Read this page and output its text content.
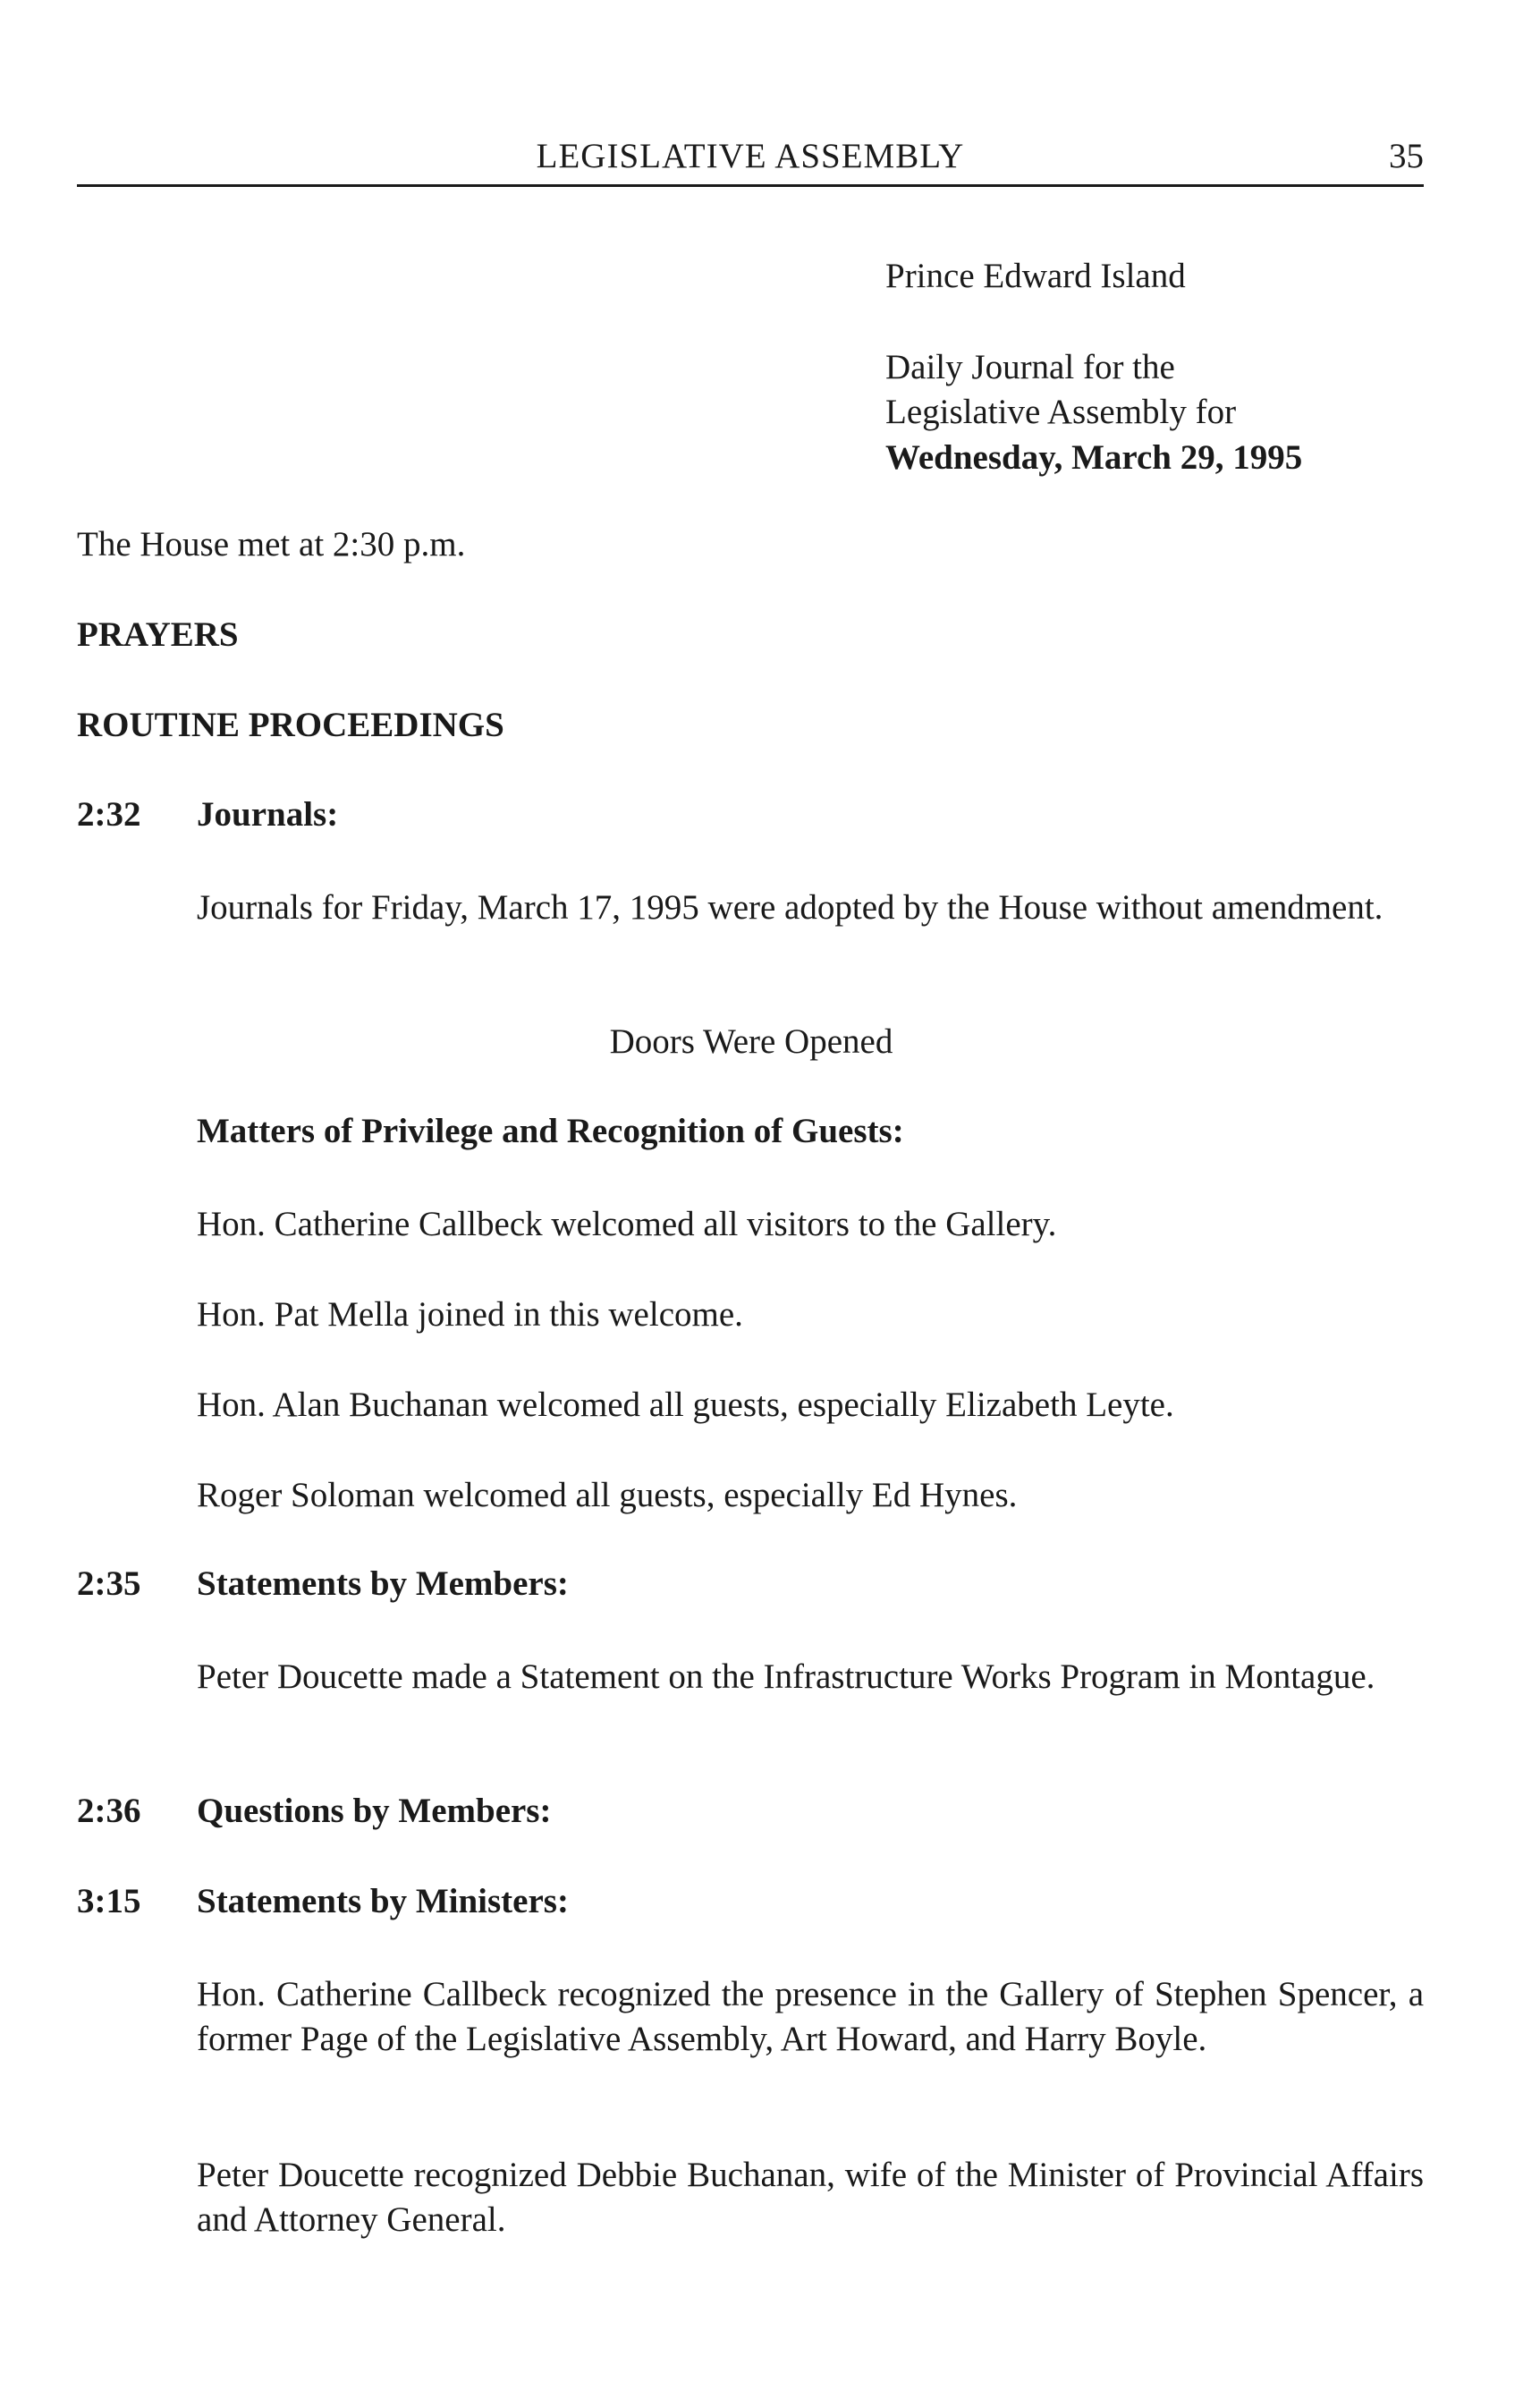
LEGISLATIVE ASSEMBLY	35
Prince Edward Island
Daily Journal for the
Legislative Assembly for
Wednesday, March 29, 1995
The House met at 2:30 p.m.
PRAYERS
ROUTINE PROCEEDINGS
2:32 Journals:
Journals for Friday, March 17, 1995 were adopted by the House without amendment.
Doors Were Opened
Matters of Privilege and Recognition of Guests:
Hon. Catherine Callbeck welcomed all visitors to the Gallery.
Hon. Pat Mella joined in this welcome.
Hon. Alan Buchanan welcomed all guests, especially Elizabeth Leyte.
Roger Soloman welcomed all guests, especially Ed Hynes.
2:35 Statements by Members:
Peter Doucette made a Statement on the Infrastructure Works Program in Montague.
2:36 Questions by Members:
3:15 Statements by Ministers:
Hon. Catherine Callbeck recognized the presence in the Gallery of Stephen Spencer, a former Page of the Legislative Assembly, Art Howard, and Harry Boyle.
Peter Doucette recognized Debbie Buchanan, wife of the Minister of Provincial Affairs and Attorney General.
